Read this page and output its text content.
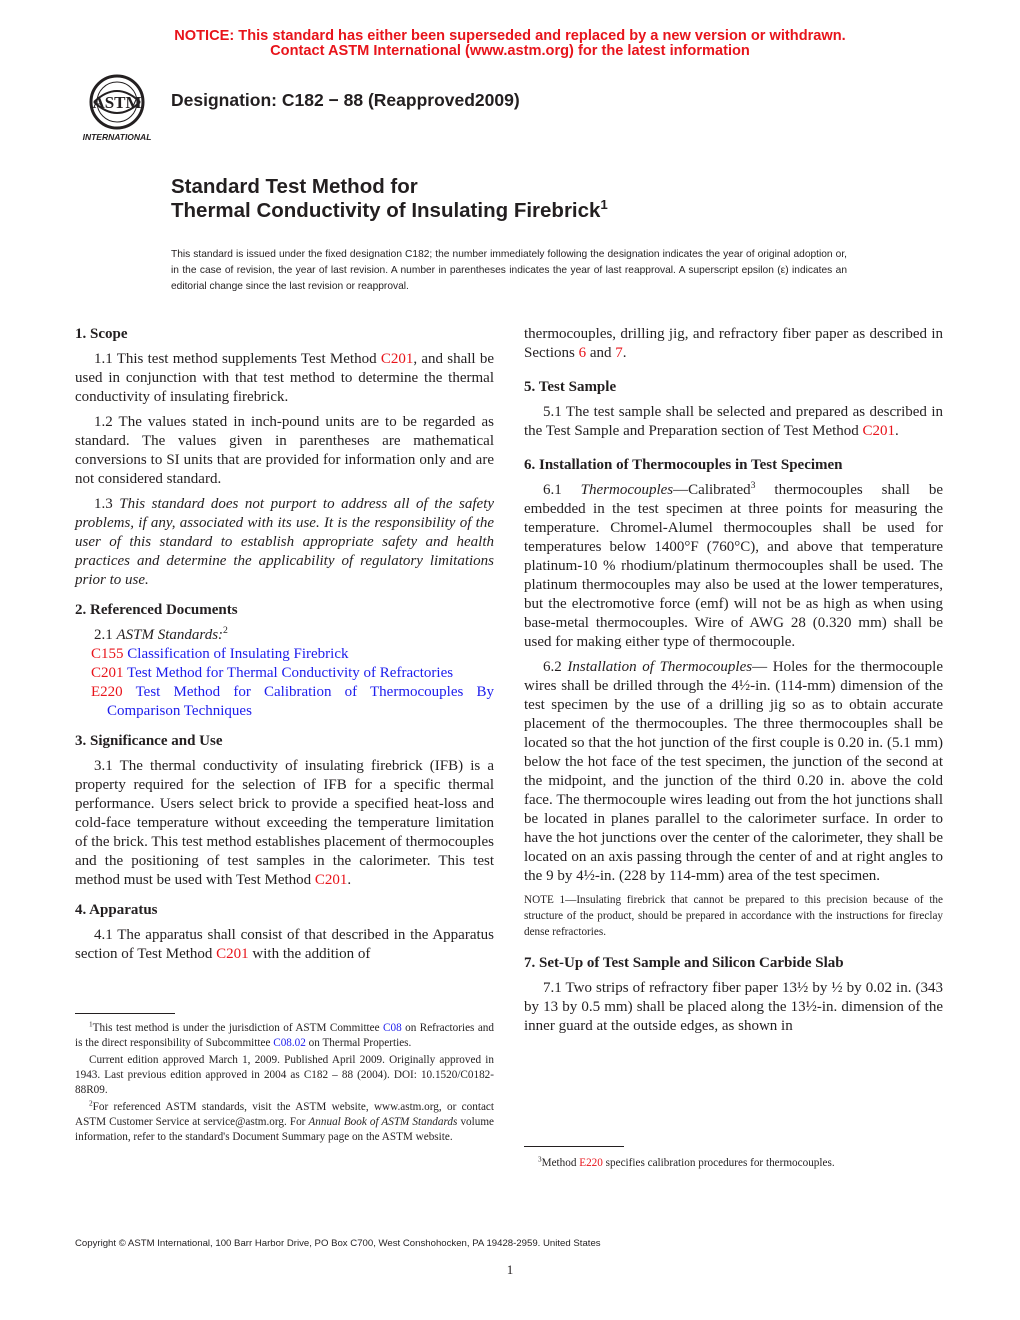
NOTICE: This standard has either been superseded and replaced by a new version or withdrawn.
Contact ASTM International (www.astm.org) for the latest information
ASTM
INTERNATIONAL
Designation: C182 − 88 (Reapproved2009)
Standard Test Method for
Thermal Conductivity of Insulating Firebrick$^1$
This standard is issued under the fixed designation C182; the number immediately following the designation indicates the year of original adoption or, in the case of revision, the year of last revision. A number in parentheses indicates the year of last reapproval. A superscript epsilon (ε) indicates an editorial change since the last revision or reapproval.

1. Scope

1.1 This test method supplements Test Method C201, and shall be used in conjunction with that test method to determine the thermal conductivity of insulating firebrick.

1.2 The values stated in inch-pound units are to be regarded as standard. The values given in parentheses are mathematical conversions to SI units that are provided for information only and are not considered standard.

1.3 This standard does not purport to address all of the safety problems, if any, associated with its use. It is the responsibility of the user of this standard to establish appropriate safety and health practices and determine the applicability of regulatory limitations prior to use.

2. Referenced Documents

2.1 ASTM Standards:$^2$

C155 Classification of Insulating Firebrick

C201 Test Method for Thermal Conductivity of Refractories

E220 Test Method for Calibration of Thermocouples By Comparison Techniques

3. Significance and Use

3.1 The thermal conductivity of insulating firebrick (IFB) is a property required for the selection of IFB for a specific thermal performance. Users select brick to provide a specified heat-loss and cold-face temperature without exceeding the temperature limitation of the brick. This test method establishes placement of thermocouples and the positioning of test samples in the calorimeter. This test method must be used with Test Method C201.

4. Apparatus

4.1 The apparatus shall consist of that described in the Apparatus section of Test Method C201 with the addition of

$^1$This test method is under the jurisdiction of ASTM Committee C08 on Refractories and is the direct responsibility of Subcommittee C08.02 on Thermal Properties.

Current edition approved March 1, 2009. Published April 2009. Originally approved in 1943. Last previous edition approved in 2004 as C182 – 88 (2004). DOI: 10.1520/C0182-88R09.

$^2$For referenced ASTM standards, visit the ASTM website, www.astm.org, or contact ASTM Customer Service at service@astm.org. For Annual Book of ASTM Standards volume information, refer to the standard's Document Summary page on the ASTM website.

thermocouples, drilling jig, and refractory fiber paper as described in Sections 6 and 7.

5. Test Sample

5.1 The test sample shall be selected and prepared as described in the Test Sample and Preparation section of Test Method C201.

6. Installation of Thermocouples in Test Specimen

6.1 Thermocouples—Calibrated$^3$ thermocouples shall be embedded in the test specimen at three points for measuring the temperature. Chromel-Alumel thermocouples shall be used for temperatures below 1400°F (760°C), and above that temperature platinum-10 % rhodium/platinum thermocouples shall be used. The platinum thermocouples may also be used at the lower temperatures, but the electromotive force (emf) will not be as high as when using base-metal thermocouples. Wire of AWG 28 (0.320 mm) shall be used for making either type of thermocouple.

6.2 Installation of Thermocouples— Holes for the thermocouple wires shall be drilled through the 4½-in. (114-mm) dimension of the test specimen by the use of a drilling jig so as to obtain accurate placement of the thermocouples. The three thermocouples shall be located so that the hot junction of the first couple is 0.20 in. (5.1 mm) below the hot face of the test specimen, the junction of the second at the midpoint, and the junction of the third 0.20 in. above the cold face. The thermocouple wires leading out from the hot junctions shall be located in planes parallel to the calorimeter surface. In order to have the hot junctions over the center of the calorimeter, they shall be located on an axis passing through the center of and at right angles to the 9 by 4½-in. (228 by 114-mm) area of the test specimen.

NOTE 1—Insulating firebrick that cannot be prepared to this precision because of the structure of the product, should be prepared in accordance with the instructions for fireclay dense refractories.

7. Set-Up of Test Sample and Silicon Carbide Slab

7.1 Two strips of refractory fiber paper 13½ by ½ by 0.02 in. (343 by 13 by 0.5 mm) shall be placed along the 13½-in. dimension of the inner guard at the outside edges, as shown in

$^3$Method E220 specifies calibration procedures for thermocouples.

Copyright © ASTM International, 100 Barr Harbor Drive, PO Box C700, West Conshohocken, PA 19428-2959. United States
1
